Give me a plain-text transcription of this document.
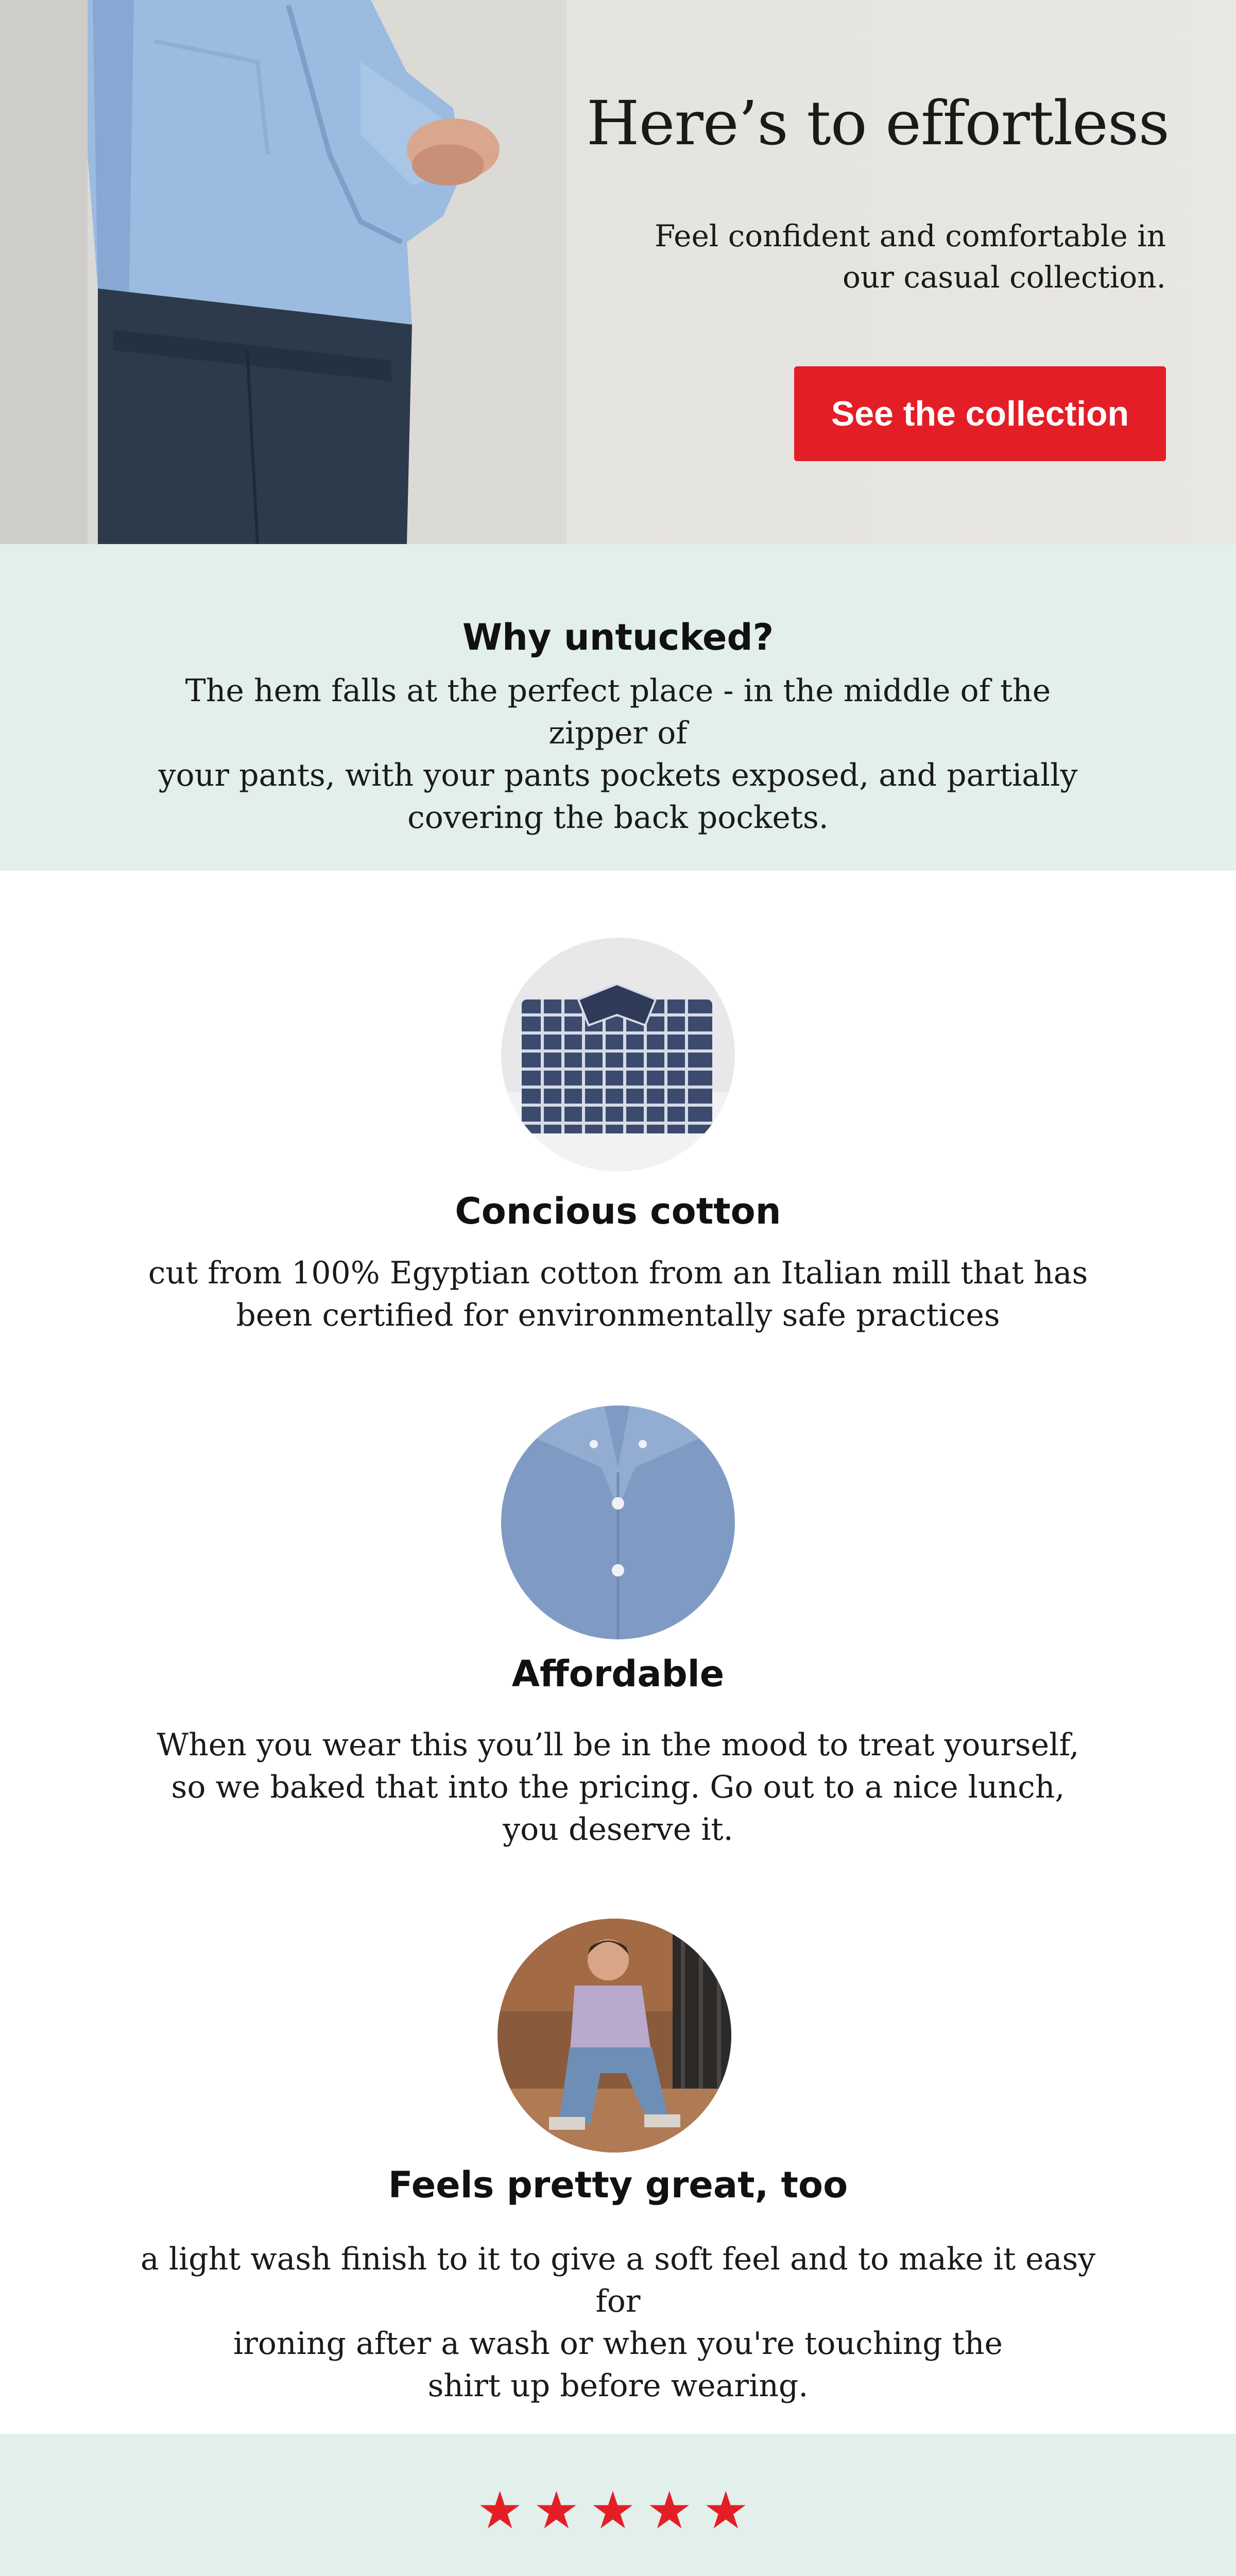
Here’s to effortless

Feel confident and comfortable in
our casual collection.

See the collection
Why untucked?

The hem falls at the perfect place - in the middle of the zipper of
your pants, with your pants pockets exposed, and partially
covering the back pockets.

Concious cotton

cut from 100% Egyptian cotton from an Italian mill that has
been certified for environmentally safe practices

Affordable

When you wear this you’ll be in the mood to treat yourself,
so we baked that into the pricing. Go out to a nice lunch,
you deserve it.

Feels pretty great, too

a light wash finish to it to give a soft feel and to make it easy for
ironing after a wash or when you're touching the
shirt up before wearing.

★★★★★
